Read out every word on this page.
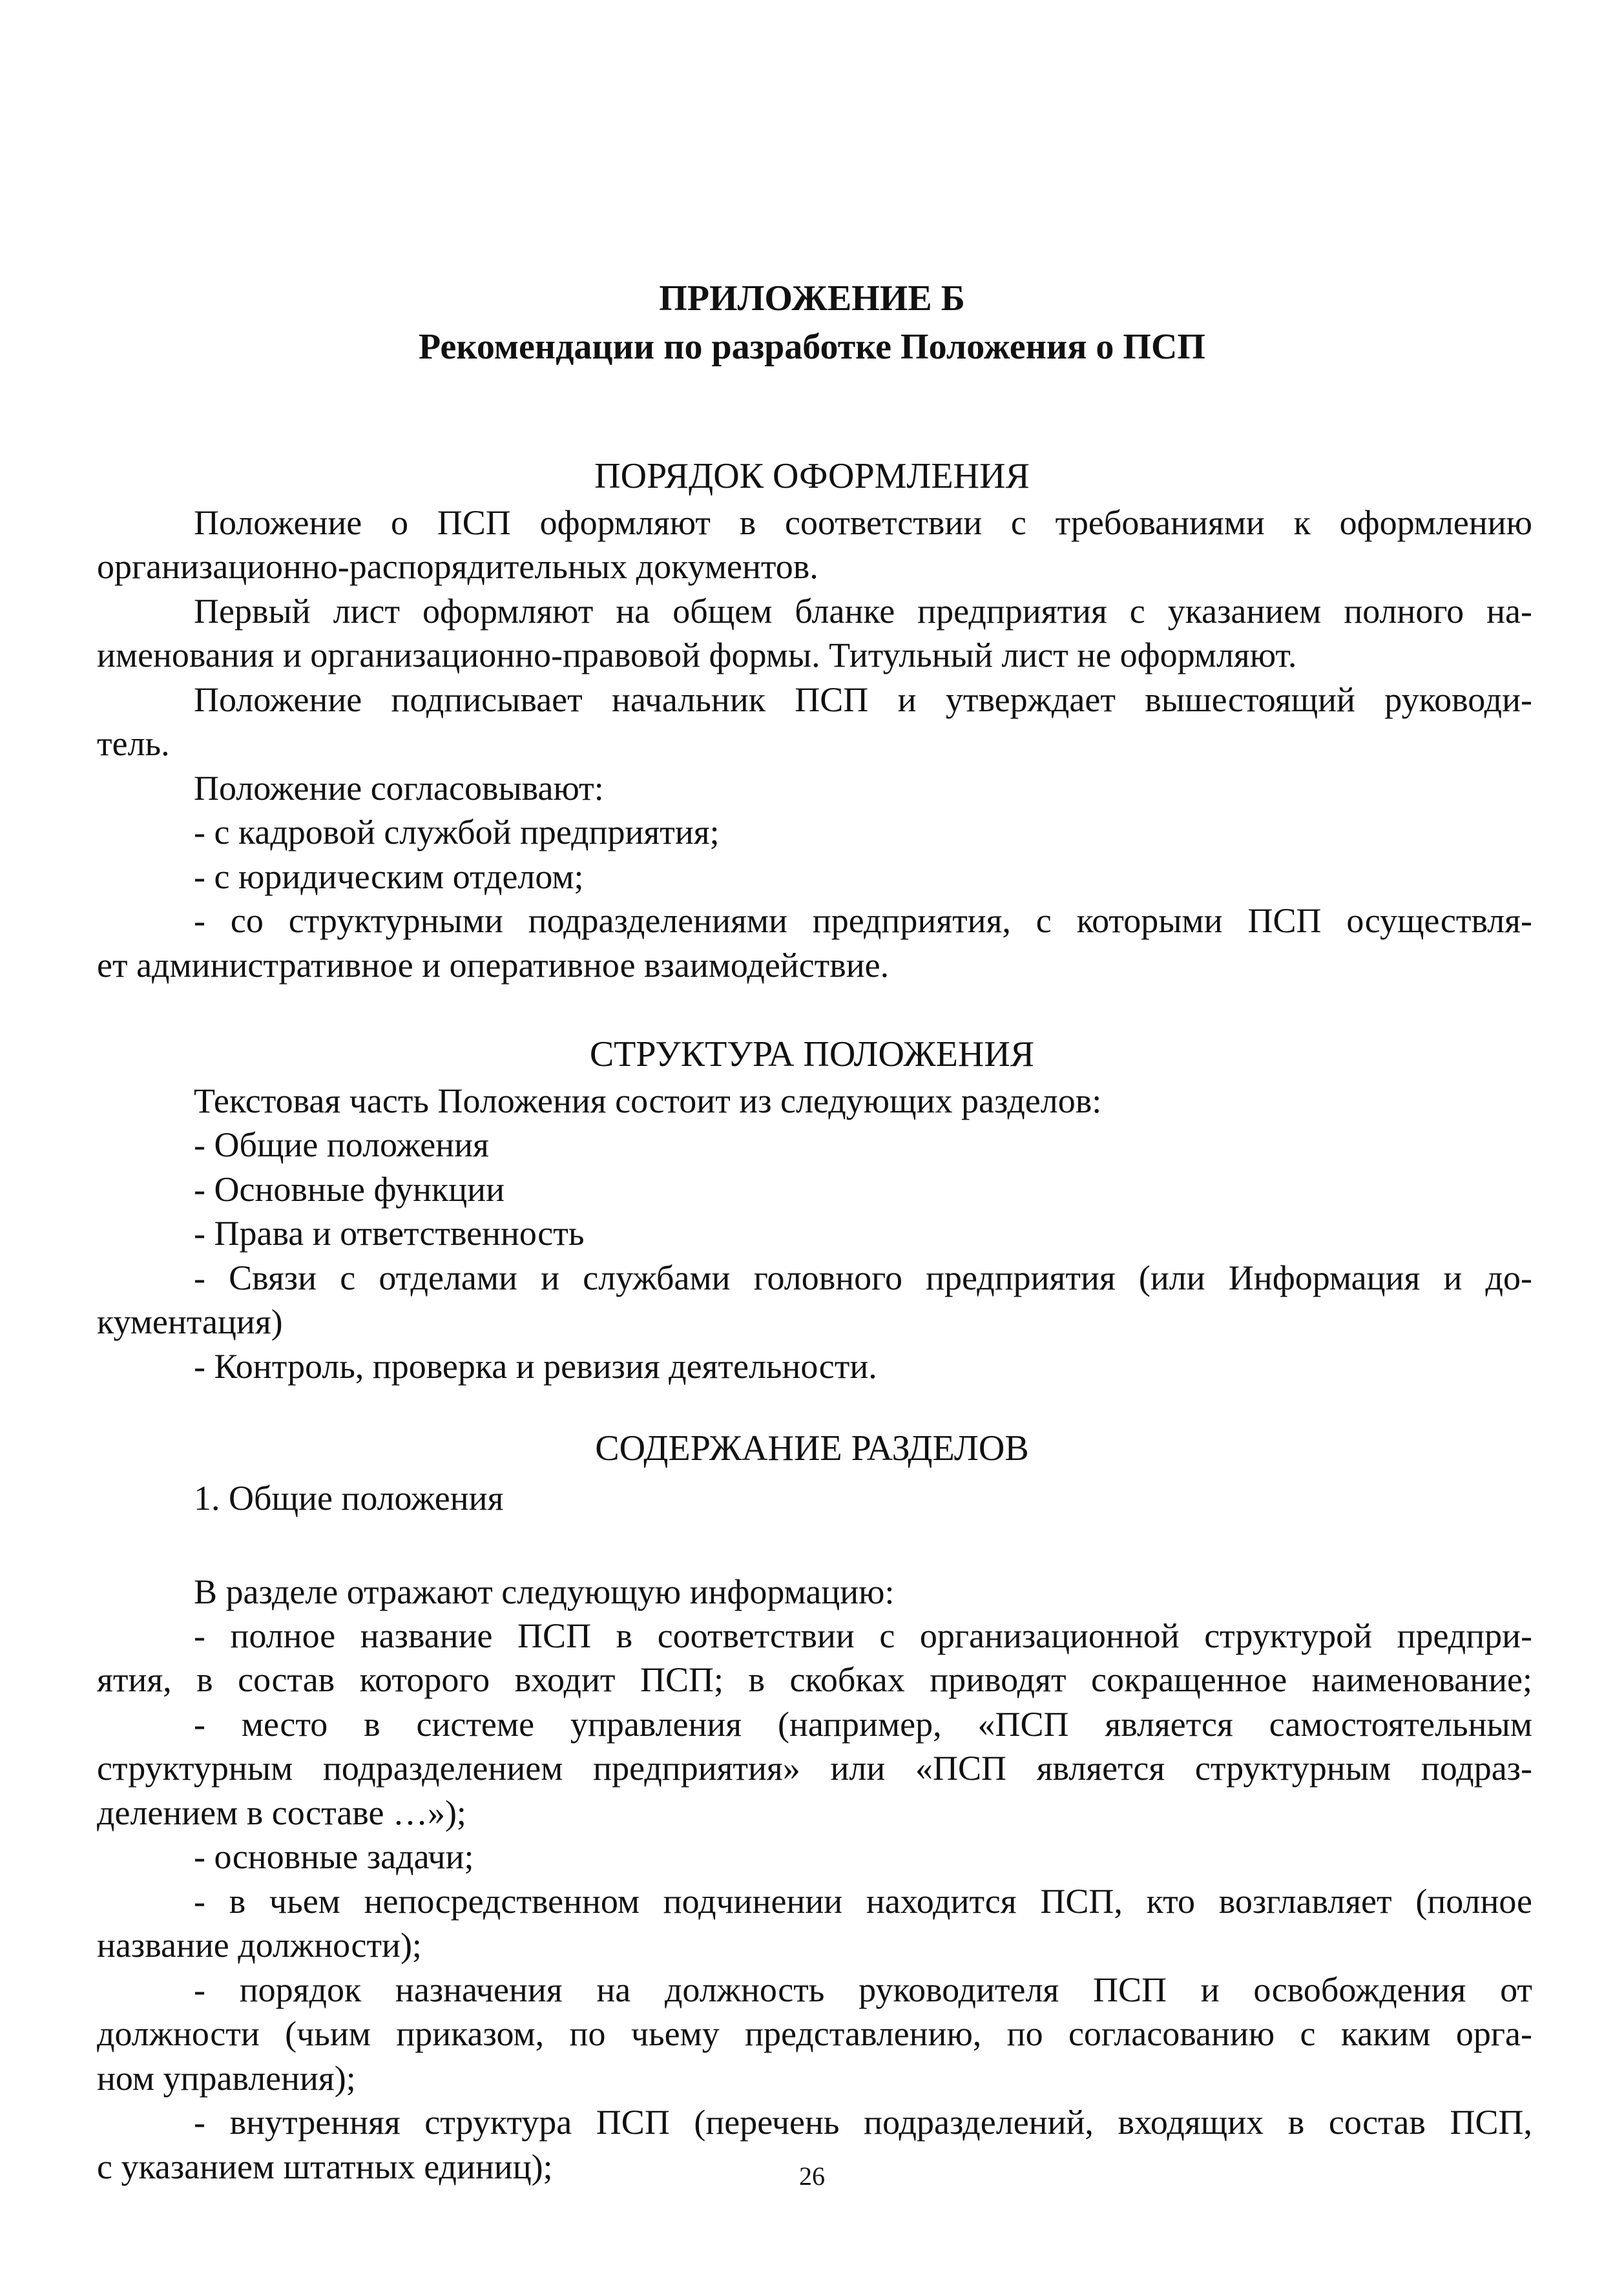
ПРИЛОЖЕНИЕ Б
Рекомендации по разработке Положения о ПСП
ПОРЯДОК ОФОРМЛЕНИЯ

Положение о ПСП оформляют в соответствии с требованиями к оформлению

организационно-распорядительных документов.

Первый лист оформляют на общем бланке предприятия с указанием полного на-

именования и организационно-правовой формы. Титульный лист не оформляют.

Положение подписывает начальник ПСП и утверждает вышестоящий руководи-

тель.

Положение согласовывают:

- с кадровой службой предприятия;

- с юридическим отделом;

- со структурными подразделениями предприятия, с которыми ПСП осуществля-

ет административное и оперативное взаимодействие.

СТРУКТУРА ПОЛОЖЕНИЯ

Текстовая часть Положения состоит из следующих разделов:

- Общие положения

- Основные функции

- Права и ответственность

- Связи с отделами и службами головного предприятия (или Информация и до-

кументация)

- Контроль, проверка и ревизия деятельности.

СОДЕРЖАНИЕ РАЗДЕЛОВ

1. Общие положения

В разделе отражают следующую информацию:

- полное название ПСП в соответствии с организационной структурой предпри-

ятия, в состав которого входит ПСП; в скобках приводят сокращенное наименование;

- место в системе управления (например, «ПСП является самостоятельным

структурным подразделением предприятия» или «ПСП является структурным подраз-

делением в составе …»);

- основные задачи;

- в чьем непосредственном подчинении находится ПСП, кто возглавляет (полное

название должности);

- порядок назначения на должность руководителя ПСП и освобождения от

должности (чьим приказом, по чьему представлению, по согласованию с каким орга-

ном управления);

- внутренняя структура ПСП (перечень подразделений, входящих в состав ПСП,

с указанием штатных единиц);	26
